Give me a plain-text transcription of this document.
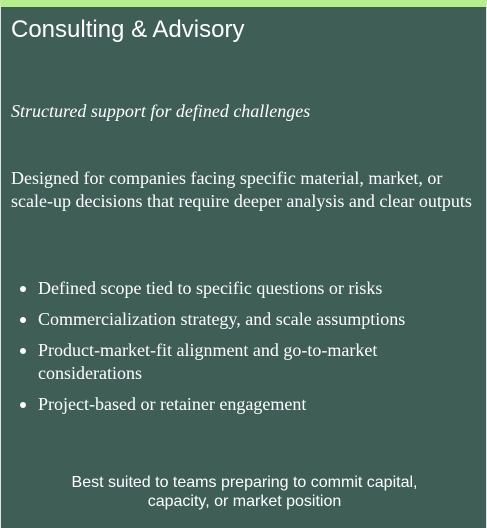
Consulting & Advisory

Structured support for defined challenges

Designed for companies facing specific material, market, or scale-up decisions that require deeper analysis and clear outputs

Defined scope tied to specific questions or risks
Commercialization strategy, and scale assumptions
Product-market-fit alignment and go-to-market considerations
Project-based or retainer engagement

Best suited to teams preparing to commit capital,
capacity, or market position
